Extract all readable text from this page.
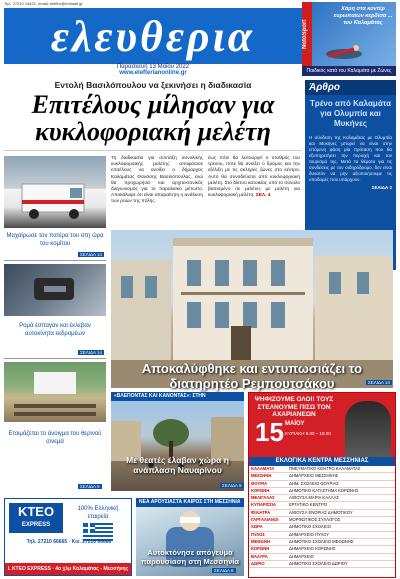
Τηλ. 27210 14421, email: elefthr@hotmail.gr
ελευθερια
Παρασκευή 13 Μαΐου 2022
www.elefterianonline.gr
NotoSport
Χάρη στα κοντέρ ευρωπαίων κερδίσα ... του Καλαμάτας
Παιδικός κατά του Καλαμάτα με Ζώνες
Εντολή Βασιλόπουλου να ξεκινήσει η διαδικασία
Επιτέλους μίλησαν για κυκλοφοριακή μελέτη
Άρθρο
Τρένο από Καλαμάτα για Ολυμπία και Μυκήνες
Η σύνδεση της Καλαμάτας με Ολυμπία και Μυκήνες μπορεί να είναι στην επόμενη φάση μία πρόταση που θα εξυπηρετήσει την περιοχή και τον τουρισμό της. Μετά τα θέματα για τις συνδέσεις με τον σιδηρόδρομο, δεν είναι δυνατόν να μην αξιοποιήσουμε τις υποδομές που υπάρχουν.
ΣΕΛΙΔΑ 2
Μαχαίρωσε τον πατέρα του στη ώρα του κομίτου
ΣΕΛΙΔΑ 14
Ρομά έσπαγαν και έκλεβαν αυτοκίνητα εκδρομέων
ΣΕΛΙΔΑ 14
Ετοιμάζεται το άνοιγμα του θερινού σινεμά
ΣΕΛΙΔΑ 9
Τη διαδικασία για σύνταξη συνολικής κυκλοφοριακής μελέτης αποφάσισε επιτέλους να ανοίξει ο δήμαρχος Καλαμάτας Θανάσης Βασιλόπουλος, ενώ θα προχωρήσει και αρχιτεκτονικός διαγωνισμός για το παραλιακό μέτωπο. Αποκάλυψε ότι είναι απαραίτητη η ανάλυση των ροών της πόλης.
έως πότε θα λειτουργεί ο σταθμός του τρένου, πότε θα ανοίξει ο δρόμος και την εξέλιξη με τις σκληρές ζώνες στο κέντρο. Αυτό θα συνοδεύεται από κυκλοφοριακή μελέτη. Στο δίκτυο κατοικίας υπό το σύνολο βασισμένο σε μελέτες με μελέτη για κυκλοφοριακή μελέτη. ΣΕΛ. 4
Αποκαλύφθηκε και εντυπωσιάζει το διατηρητέο Ρεμπουτσάκου	ΣΕΛΙΔΑ 14
«ΒΛΕΠΟΝΤΑΣ ΚΑΙ ΚΑΝΟΝΤΑΣ»: ΣΤΗΝ
Με θεατές έλαβαν χώρα η ανάπλαση Ναυαρίνου
ΣΕΛΙΔΑ 9
ΨΗΦΙΖΟΥΜΕ ΟΛΟΙ! ΤΟΥΣ ΣΤΕΛΝΟΥΜΕ ΠΙΣΩ ΤΟΝ ΑΧΑΡΙΑΝΕΩΝ
15 ΜΑΪΟΥ
ΚΥΡΙΑΚΗ 9.00 – 19.00
ΕΚΛΟΓΙΚΑ ΚΕΝΤΡΑ ΜΕΣΣΗΝΙΑΣ
ΚΑΛΑΜΑΤΑ	ΠΝΕΥΜΑΤΙΚΟ ΚΕΝΤΡΟ ΚΑΛΑΜΑΤΑΣ
ΜΕΣΣΗΝΗ	ΔΗΜΑΡΧΕΙΟ ΜΕΣΣΗΝΗΣ
ΘΟΥΡΙΑ	ΔΗΜ. ΣΧΟΛΕΙΟ ΘΟΥΡΙΑΣ
ΚΟΡΩΝΗ	ΔΗΜΟΤΙΚΟ ΚΑΤΑΣΤΗΜΑ ΚΟΡΩΝΗΣ
ΜΕΛΙΓΑΛΑΣ	ΑΙΘΟΥΣΑ ΜΑΡΙΑ ΚΑΛΛΑΣ
ΚΥΠΑΡΙΣΣΙΑ	ΕΡΓΑΤΙΚΟ ΚΕΝΤΡΟ
ΦΙΛΙΑΤΡΑ	ΑΙΘΟΥΣΑ ΕΝΟΡΙΑΣ ΔΗΜΟΤΙΚΟΥ
ΓΑΡΓΑΛΙΑΝΟΙ	ΜΟΡΦΩΤΙΚΟΣ ΣΥΛΛΟΓΟΣ
ΧΩΡΑ	ΔΗΜΟΤΙΚΟ ΣΧΟΛΕΙΟ
ΠΥΛΟΣ	ΔΗΜΑΡΧΕΙΟ ΠΥΛΟΥ
ΜΕΘΩΝΗ	ΔΗΜΟΤΙΚΟ ΣΧΟΛΕΙΟ ΜΕΘΩΝΗΣ
ΚΟΡΩΝΗ	ΔΗΜΑΡΧΕΙΟ ΚΟΡΩΝΗΣ
ΒΑΛΥΡΑ	ΔΗΜΑΡΧΕΙΟ
ΔΩΡΙΟ	ΔΗΜΟΤΙΚΟ ΣΧΟΛΕΙΟ ΔΩΡΙΟΥ
ΚΤΕΟ
EXPRESS
100% Ελληνική εταιρεία
Τηλ. 27210 66665 · Κιν. 27210 66666
I. ΚΤΕΟ EXPRESS · 4ο χλμ Καλαμάτας - Μεσσήνης
ΝΕΑ ΑΡΟΥΣΙΑΣΤΑ ΚΑΙΡΟΣ ΣΤΗ ΜΕΣΣΗΝΙΑ
Αυτοκτόνησε απόγευμα παρουσίαση στη Μεσσηνία
ΣΕΛΙΔΑ 8
